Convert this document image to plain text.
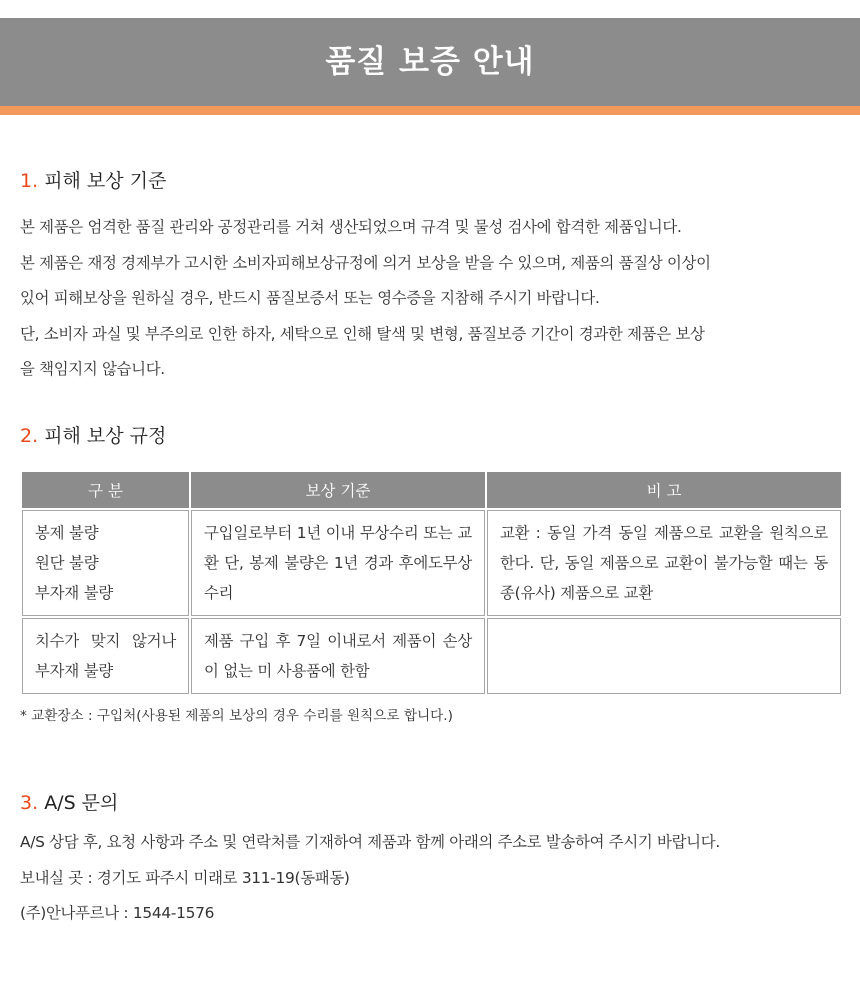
품질 보증 안내
1. 피해 보상 기준
본 제품은 엄격한 품질 관리와 공정관리를 거쳐 생산되었으며 규격 및 물성 검사에 합격한 제품입니다.
본 제품은 재정 경제부가 고시한 소비자피해보상규정에 의거 보상을 받을 수 있으며, 제품의 품질상 이상이
있어 피해보상을 원하실 경우, 반드시 품질보증서 또는 영수증을 지참해 주시기 바랍니다.
단, 소비자 과실 및 부주의로 인한 하자, 세탁으로 인해 탈색 및 변형, 품질보증 기간이 경과한 제품은 보상
을 책임지지 않습니다.
2. 피해 보상 규정
구 분	보상 기준	비 고

봉제 불량
원단 불량
부자재 불량	구입일로부터 1년 이내 무상수리 또는 교환 단, 봉제 불량은 1년 경과 후에도무상 수리	교환 : 동일 가격 동일 제품으로 교환을 원칙으로 한다. 단, 동일 제품으로 교환이 불가능할 때는 동종(유사) 제품으로 교환

치수가 맞지 않거나 부자재 불량	제품 구입 후 7일 이내로서 제품이 손상이 없는 미 사용품에 한함	
* 교환장소 : 구입처(사용된 제품의 보상의 경우 수리를 원칙으로 합니다.)
3. A/S 문의
A/S 상담 후, 요청 사항과 주소 및 연락처를 기재하여 제품과 함께 아래의 주소로 발송하여 주시기 바랍니다.
보내실 곳 : 경기도 파주시 미래로 311-19(동패동)
(주)안나푸르나 : 1544-1576
